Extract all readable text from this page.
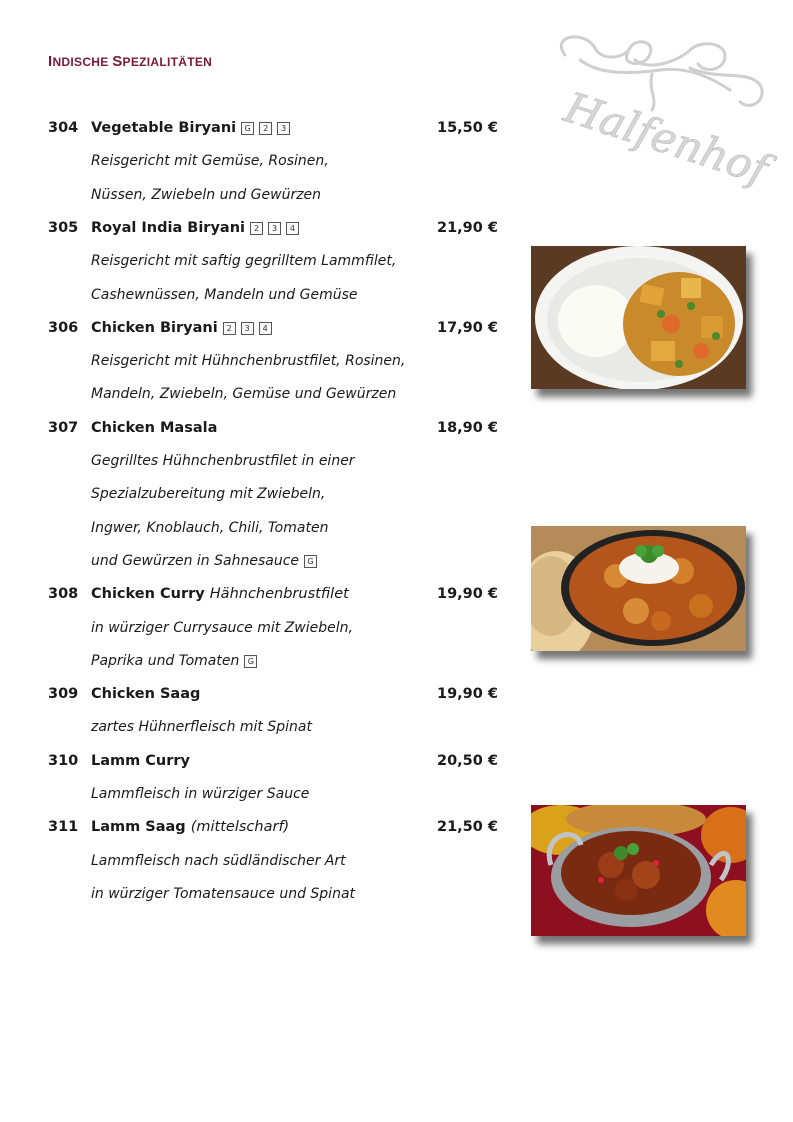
INDISCHE SPEZIALITÄTEN
Halfenhof
304 Vegetable Biryani G 2 3	15,50 €
Reisgericht mit Gemüse, Rosinen,
Nüssen, Zwiebeln und Gewürzen
305 Royal India Biryani 2 3 4	21,90 €
Reisgericht mit saftig gegrilltem Lammfilet,
Cashewnüssen, Mandeln und Gemüse
306 Chicken Biryani 2 3 4	17,90 €
Reisgericht mit Hühnchenbrustfilet, Rosinen,
Mandeln, Zwiebeln, Gemüse und Gewürzen
307 Chicken Masala	18,90 €
Gegrilltes Hühnchenbrustfilet in einer
Spezialzubereitung mit Zwiebeln,
Ingwer, Knoblauch, Chili, Tomaten
und Gewürzen in Sahnesauce G
308 Chicken Curry Hähnchenbrustfilet	19,90 €
in würziger Currysauce mit Zwiebeln,
Paprika und Tomaten G
309 Chicken Saag	19,90 €
zartes Hühnerfleisch mit Spinat
310 Lamm Curry	20,50 €
Lammfleisch in würziger Sauce
311 Lamm Saag (mittelscharf)	21,50 €
Lammfleisch nach südländischer Art
in würziger Tomatensauce und Spinat
